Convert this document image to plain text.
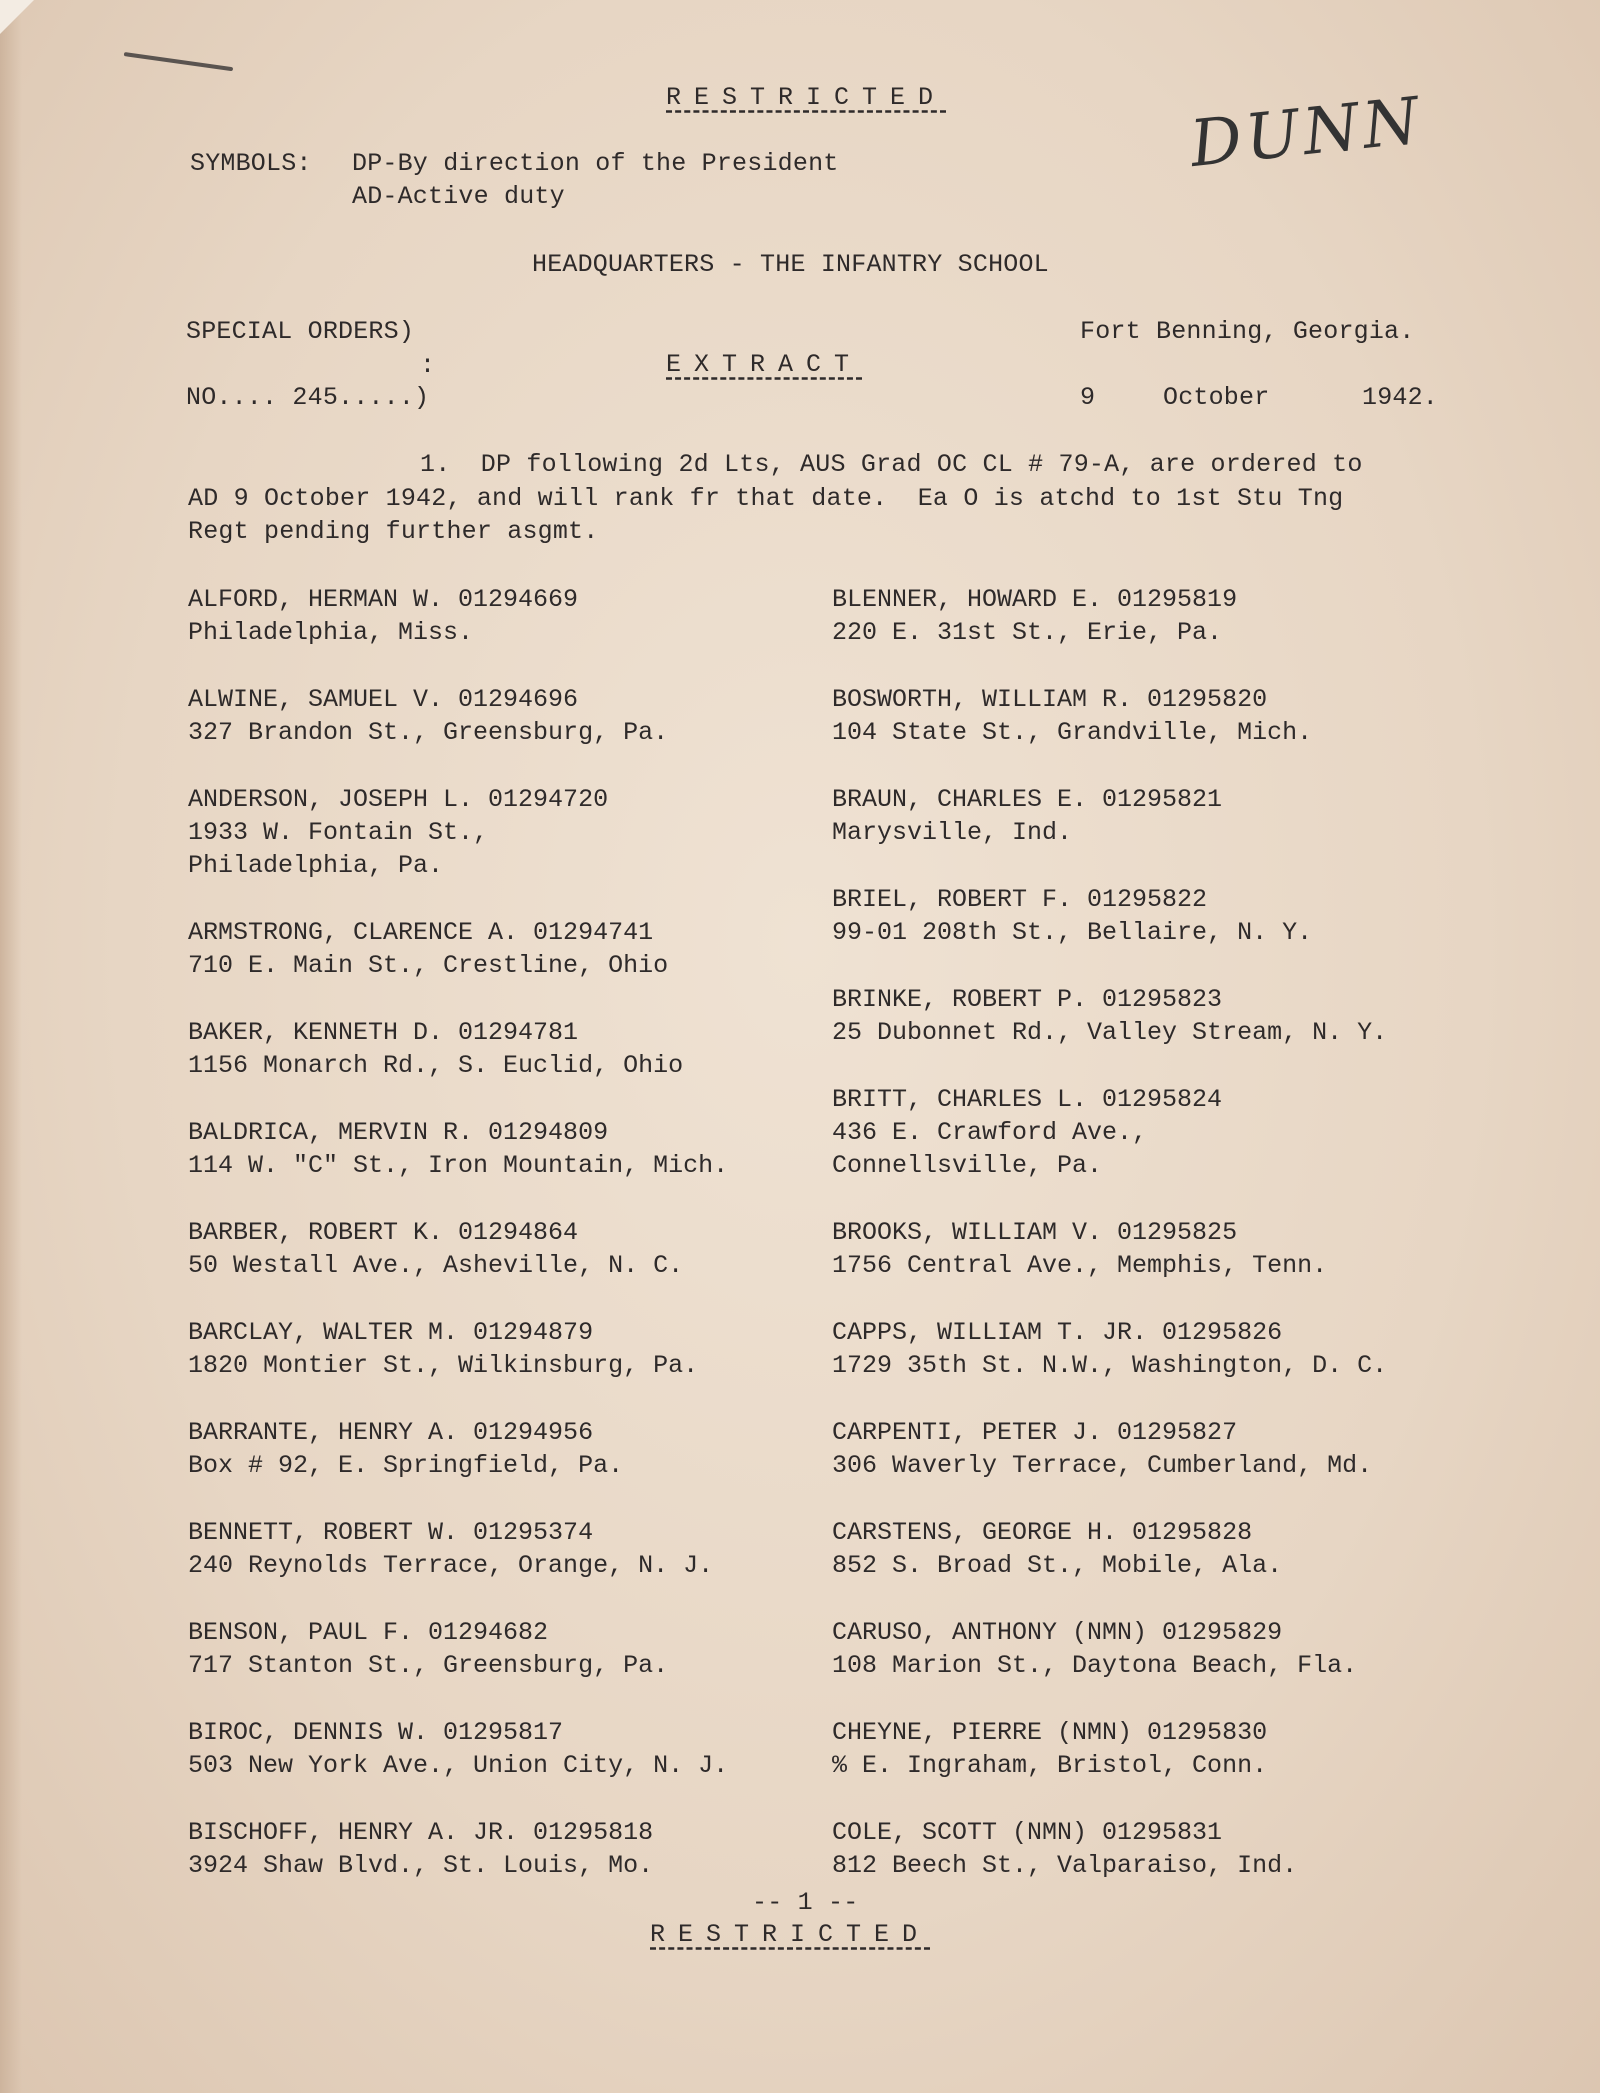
RESTRICTED	DUNN
SYMBOLS: DP-By direction of the President
AD-Active duty
HEADQUARTERS - THE INFANTRY SCHOOL
SPECIAL ORDERS)
:
NO.... 245.....)
EXTRACT
Fort Benning, Georgia.
9	October	1942.
1.  DP following 2d Lts, AUS Grad OC CL # 79-A, are ordered to
AD 9 October 1942, and will rank fr that date.  Ea O is atchd to 1st Stu Tng
Regt pending further asgmt.
ALFORD, HERMAN W. 01294669
Philadelphia, Miss.
ALWINE, SAMUEL V. 01294696
327 Brandon St., Greensburg, Pa.
ANDERSON, JOSEPH L. 01294720
1933 W. Fontain St.,
Philadelphia, Pa.
ARMSTRONG, CLARENCE A. 01294741
710 E. Main St., Crestline, Ohio
BAKER, KENNETH D. 01294781
1156 Monarch Rd., S. Euclid, Ohio
BALDRICA, MERVIN R. 01294809
114 W. "C" St., Iron Mountain, Mich.
BARBER, ROBERT K. 01294864
50 Westall Ave., Asheville, N. C.
BARCLAY, WALTER M. 01294879
1820 Montier St., Wilkinsburg, Pa.
BARRANTE, HENRY A. 01294956
Box # 92, E. Springfield, Pa.
BENNETT, ROBERT W. 01295374
240 Reynolds Terrace, Orange, N. J.
BENSON, PAUL F. 01294682
717 Stanton St., Greensburg, Pa.
BIROC, DENNIS W. 01295817
503 New York Ave., Union City, N. J.
BISCHOFF, HENRY A. JR. 01295818
3924 Shaw Blvd., St. Louis, Mo.
BLENNER, HOWARD E. 01295819
220 E. 31st St., Erie, Pa.
BOSWORTH, WILLIAM R. 01295820
104 State St., Grandville, Mich.
BRAUN, CHARLES E. 01295821
Marysville, Ind.
BRIEL, ROBERT F. 01295822
99-01 208th St., Bellaire, N. Y.
BRINKE, ROBERT P. 01295823
25 Dubonnet Rd., Valley Stream, N. Y.
BRITT, CHARLES L. 01295824
436 E. Crawford Ave.,
Connellsville, Pa.
BROOKS, WILLIAM V. 01295825
1756 Central Ave., Memphis, Tenn.
CAPPS, WILLIAM T. JR. 01295826
1729 35th St. N.W., Washington, D. C.
CARPENTI, PETER J. 01295827
306 Waverly Terrace, Cumberland, Md.
CARSTENS, GEORGE H. 01295828
852 S. Broad St., Mobile, Ala.
CARUSO, ANTHONY (NMN) 01295829
108 Marion St., Daytona Beach, Fla.
CHEYNE, PIERRE (NMN) 01295830
% E. Ingraham, Bristol, Conn.
COLE, SCOTT (NMN) 01295831
812 Beech St., Valparaiso, Ind.
-- 1 --
RESTRICTED
